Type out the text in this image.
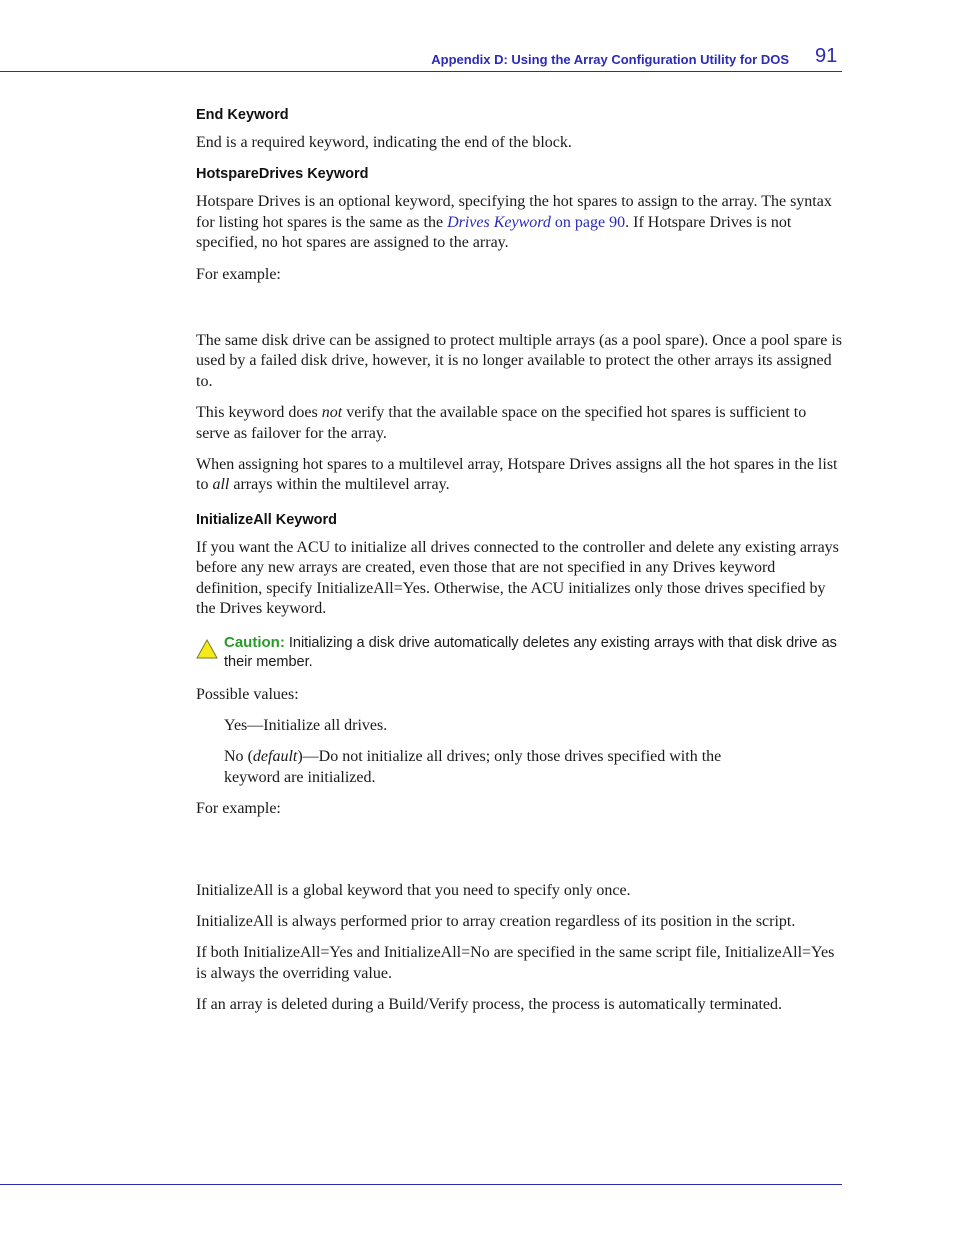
Appendix D: Using the Array Configuration Utility for DOS 91
End Keyword

End is a required keyword, indicating the end of the block.

HotspareDrives Keyword

Hotspare Drives is an optional keyword, specifying the hot spares to assign to the array. The syntax for listing hot spares is the same as the Drives Keyword on page 90. If Hotspare Drives is not specified, no hot spares are assigned to the array.

For example:

The same disk drive can be assigned to protect multiple arrays (as a pool spare). Once a pool spare is used by a failed disk drive, however, it is no longer available to protect the other arrays its assigned to.

This keyword does not verify that the available space on the specified hot spares is sufficient to serve as failover for the array.

When assigning hot spares to a multilevel array, Hotspare Drives assigns all the hot spares in the list to all arrays within the multilevel array.

InitializeAll Keyword

If you want the ACU to initialize all drives connected to the controller and delete any existing arrays before any new arrays are created, even those that are not specified in any Drives keyword definition, specify InitializeAll=Yes. Otherwise, the ACU initializes only those drives specified by the Drives keyword.

Caution: Initializing a disk drive automatically deletes any existing arrays with that disk drive as their member.

Possible values:

Yes—Initialize all drives.

No (default)—Do not initialize all drives; only those drives specified with the keyword are initialized.

For example:

InitializeAll is a global keyword that you need to specify only once.

InitializeAll is always performed prior to array creation regardless of its position in the script.

If both InitializeAll=Yes and InitializeAll=No are specified in the same script file, InitializeAll=Yes is always the overriding value.

If an array is deleted during a Build/Verify process, the process is automatically terminated.
